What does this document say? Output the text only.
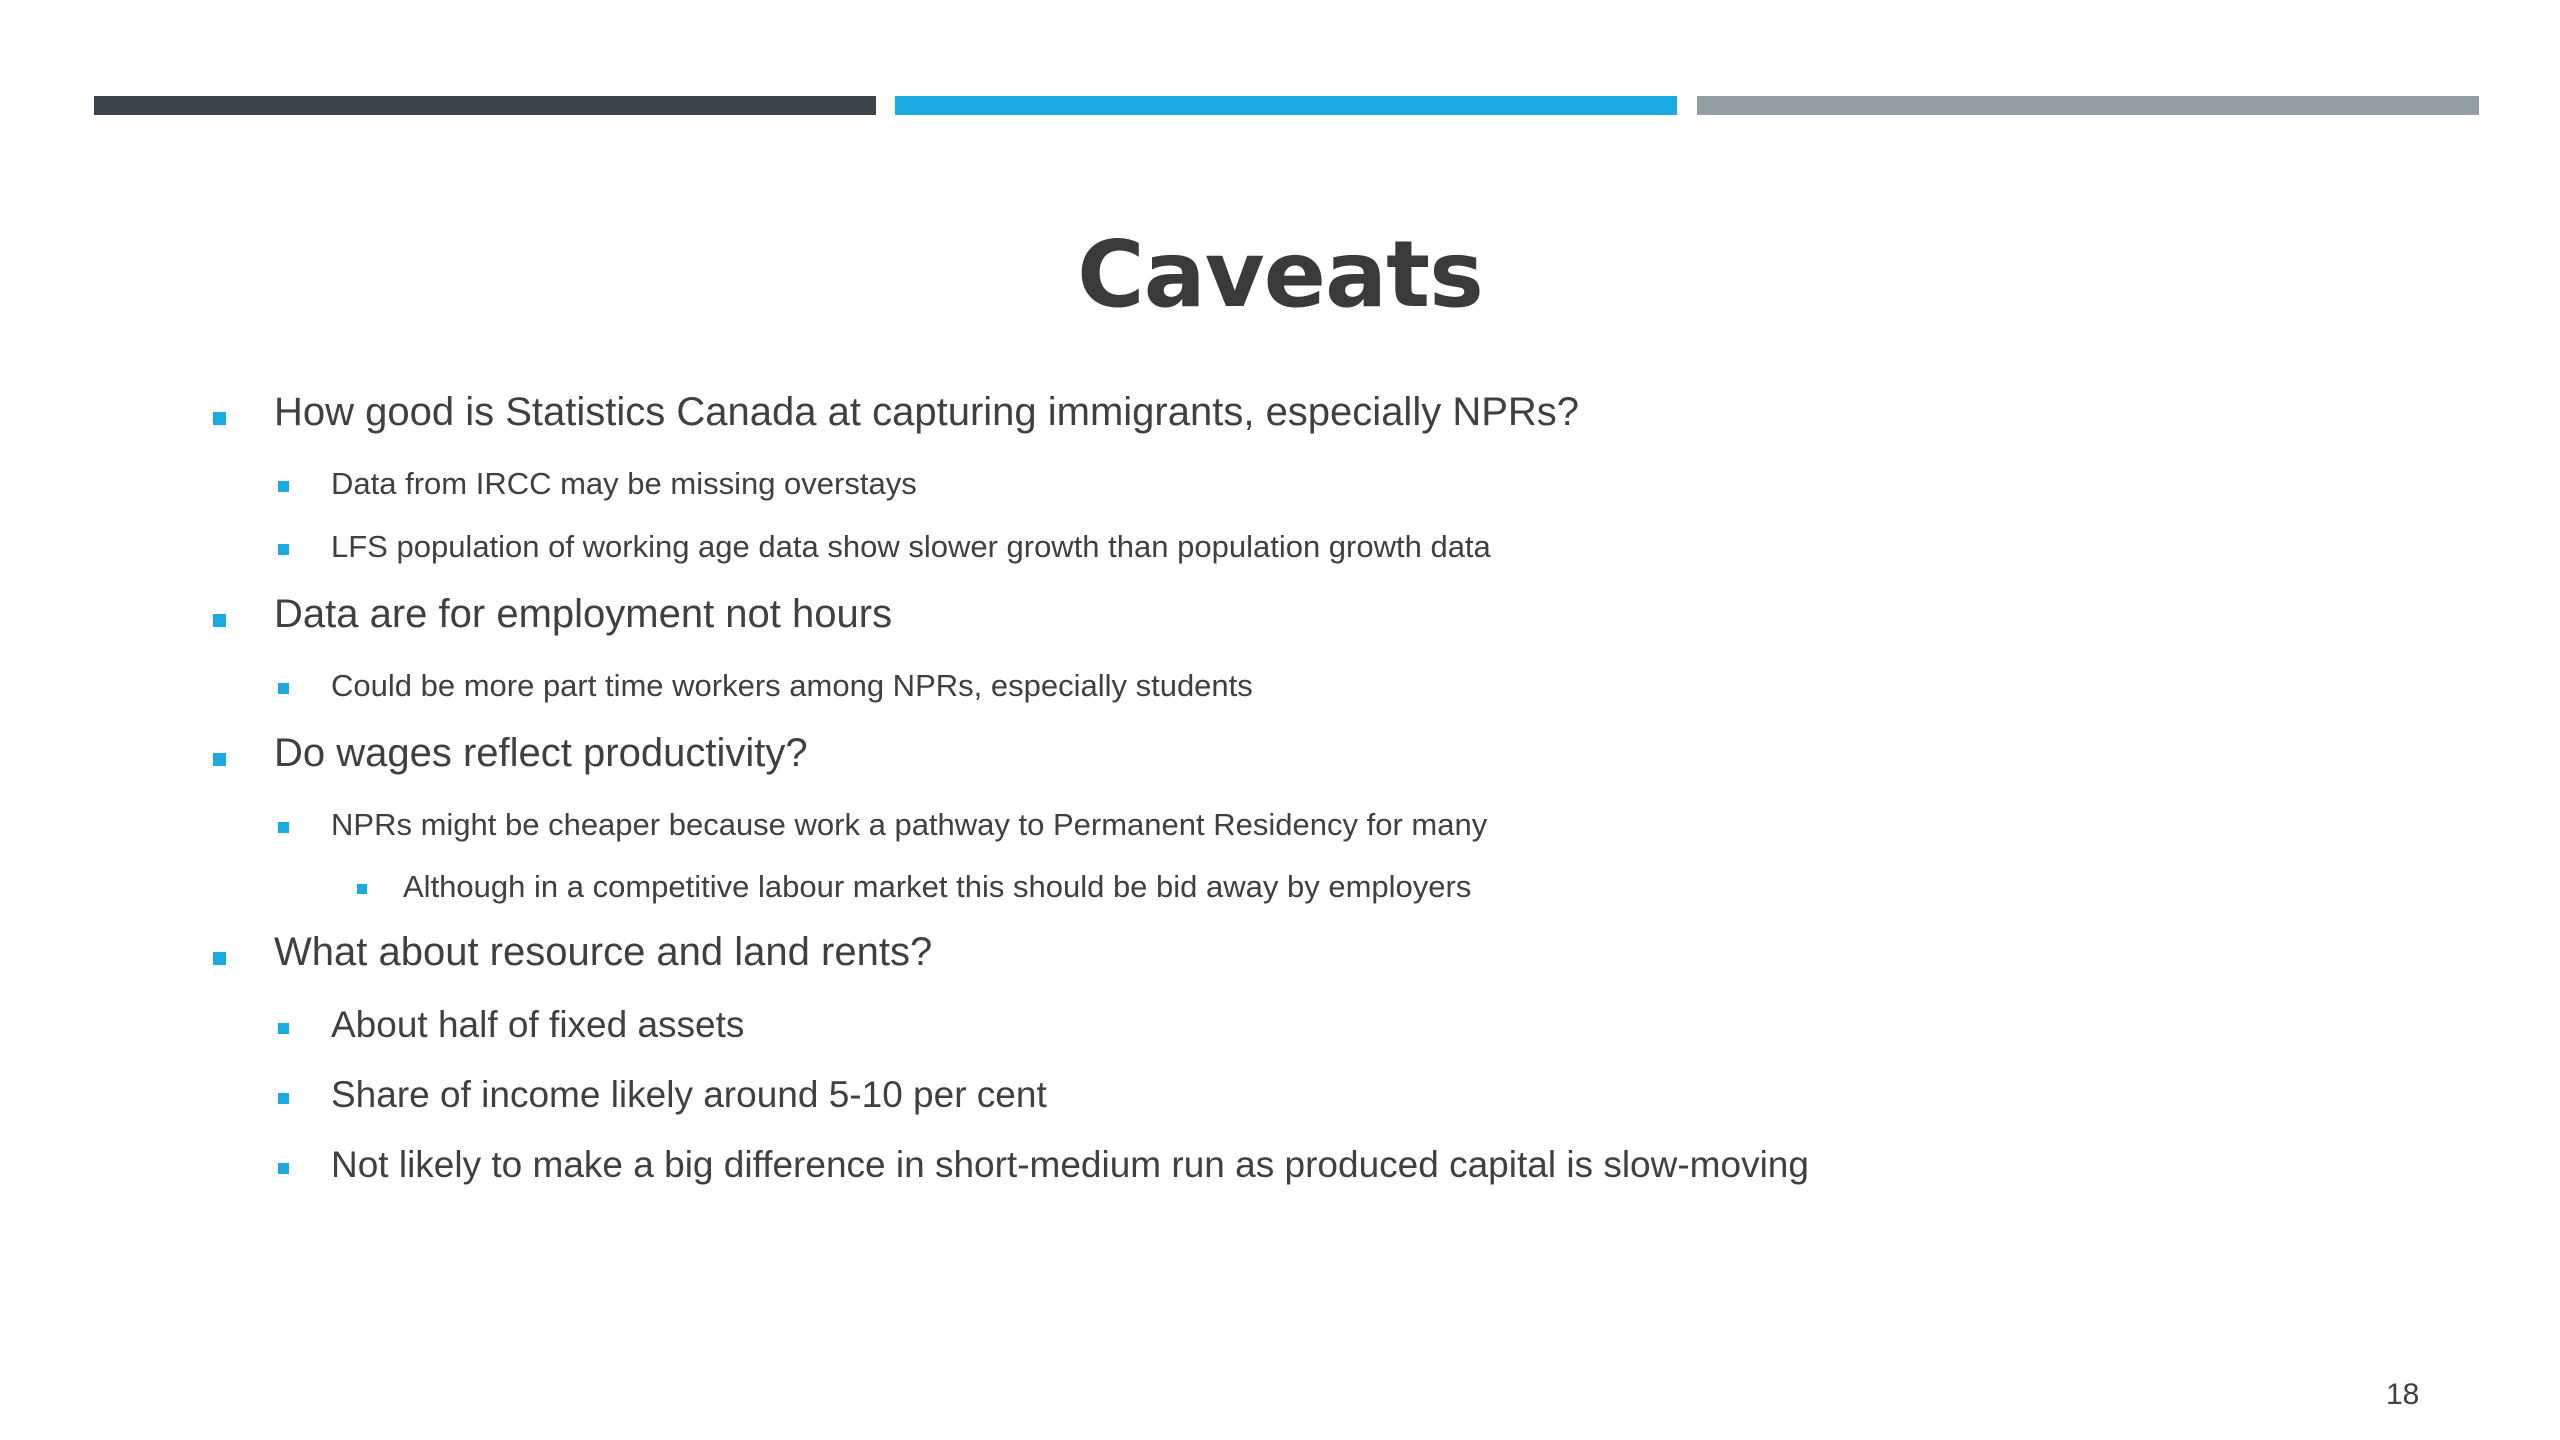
Caveats
How good is Statistics Canada at capturing immigrants, especially NPRs?
Data from IRCC may be missing overstays
LFS population of working age data show slower growth than population growth data
Data are for employment not hours
Could be more part time workers among NPRs, especially students
Do wages reflect productivity?
NPRs might be cheaper because work a pathway to Permanent Residency for many
Although in a competitive labour market this should be bid away by employers
What about resource and land rents?
About half of fixed assets
Share of income likely around 5-10 per cent
Not likely to make a big difference in short-medium run as produced capital is slow-moving
18
